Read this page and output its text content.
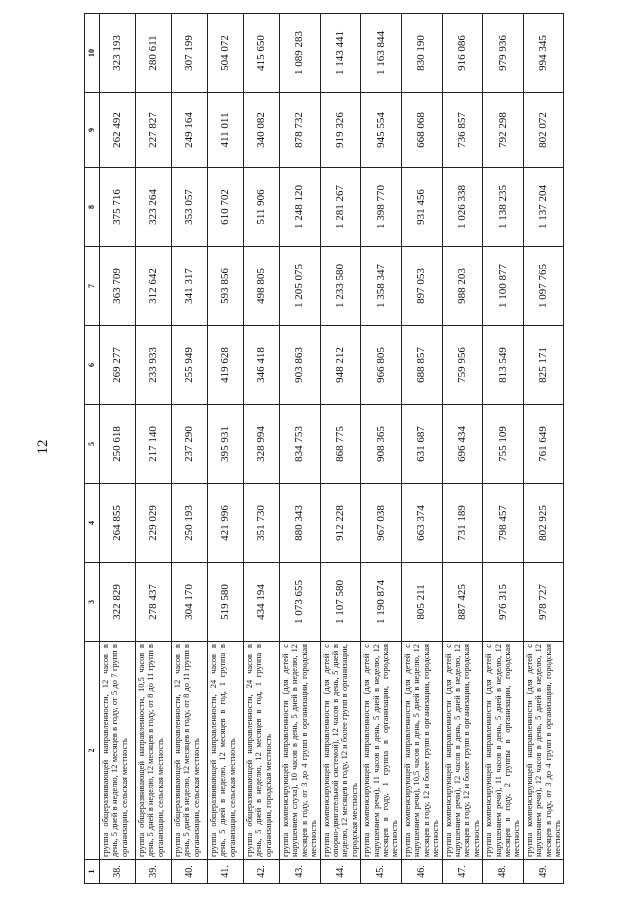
12
1	2	3	4	5	6	7	8	9	10
38.	группа общеразвивающей направленности, 12 часов в день, 5 дней в неделю, 12 месяцев в году, от 5 до 7 групп в организации, сельская местность	322 829	264 855	250 618	269 277	363 709	375 716	262 492	323 193
39.	группа общеразвивающей направленности, 10,5 часов в день, 5 дней в неделю, 12 месяцев в году, от 8 до 11 групп в организации, сельская местность	278 437	229 029	217 140	233 933	312 642	323 264	227 827	280 611
40.	группа общеразвивающей направленности, 12 часов в день, 5 дней в неделю, 12 месяцев в году, от 8 до 11 групп в организации, сельская местность	304 170	250 193	237 290	255 949	341 317	353 057	249 164	307 199
41.	группа общеразвивающей направленности, 24 часов в день, 5 дней в неделю, 12 месяцев в год, 1 группа в организации, сельская местность	519 580	421 996	395 931	419 628	593 856	610 702	411 011	504 072
42.	группа общеразвивающей направленности, 24 часов в день, 5 дней в неделю, 12 месяцев в год, 1 группа в организации, городская местность	434 194	351 730	328 994	346 418	498 805	511 906	340 082	415 650
43.	группа компенсирующей направленности (для детей с нарушением слуха), 10 часов в день, 5 дней в неделю, 12 месяцев в году, от 3 до 4 групп в организации, городская местность	1 073 655	880 343	834 753	903 863	1 205 075	1 248 120	878 732	1 089 283
44.	группа компенсирующей направленности (для детей с опорно-двигательной системой), 12 часов в день, 5 дней в неделю, 12 месяцев в году, 12 и более групп в организации, городская местность	1 107 580	912 228	868 775	948 212	1 233 580	1 281 267	919 326	1 143 441
45.	группа компенсирующей направленности (для детей с нарушением речи), 11 часов в день, 5 дней в неделю, 12 месяцев в году, 1 группа в организации, городская местность	1 190 874	967 038	908 365	966 805	1 358 347	1 398 770	945 554	1 163 844
46.	группа компенсирующей направленности (для детей с нарушением речи), 10,5 часов в день, 5 дней в неделю, 12 месяцев в году, 12 и более групп в организации, городская местность	805 211	663 374	631 687	688 857	897 053	931 456	668 068	830 190
47.	группа компенсирующей направленности (для детей с нарушением речи), 12 часов в день, 5 дней в неделю, 12 месяцев в году, 12 и более групп в организации, городская местность	887 425	731 189	696 434	759 956	988 203	1 026 338	736 857	916 086
48.	группа компенсирующей направленности (для детей с нарушением речи), 11 часов в день, 5 дней в неделю, 12 месяцев в году, 2 группы в организации, городская местность	976 315	798 457	755 109	813 549	1 100 877	1 138 235	792 298	979 936
49.	группа компенсирующей направленности (для детей с нарушением речи), 12 часов в день, 5 дней в неделю, 12 месяцев в году, от 3 до 4 групп в организации, городская местность	978 727	802 925	761 649	825 171	1 097 765	1 137 204	802 072	994 345
